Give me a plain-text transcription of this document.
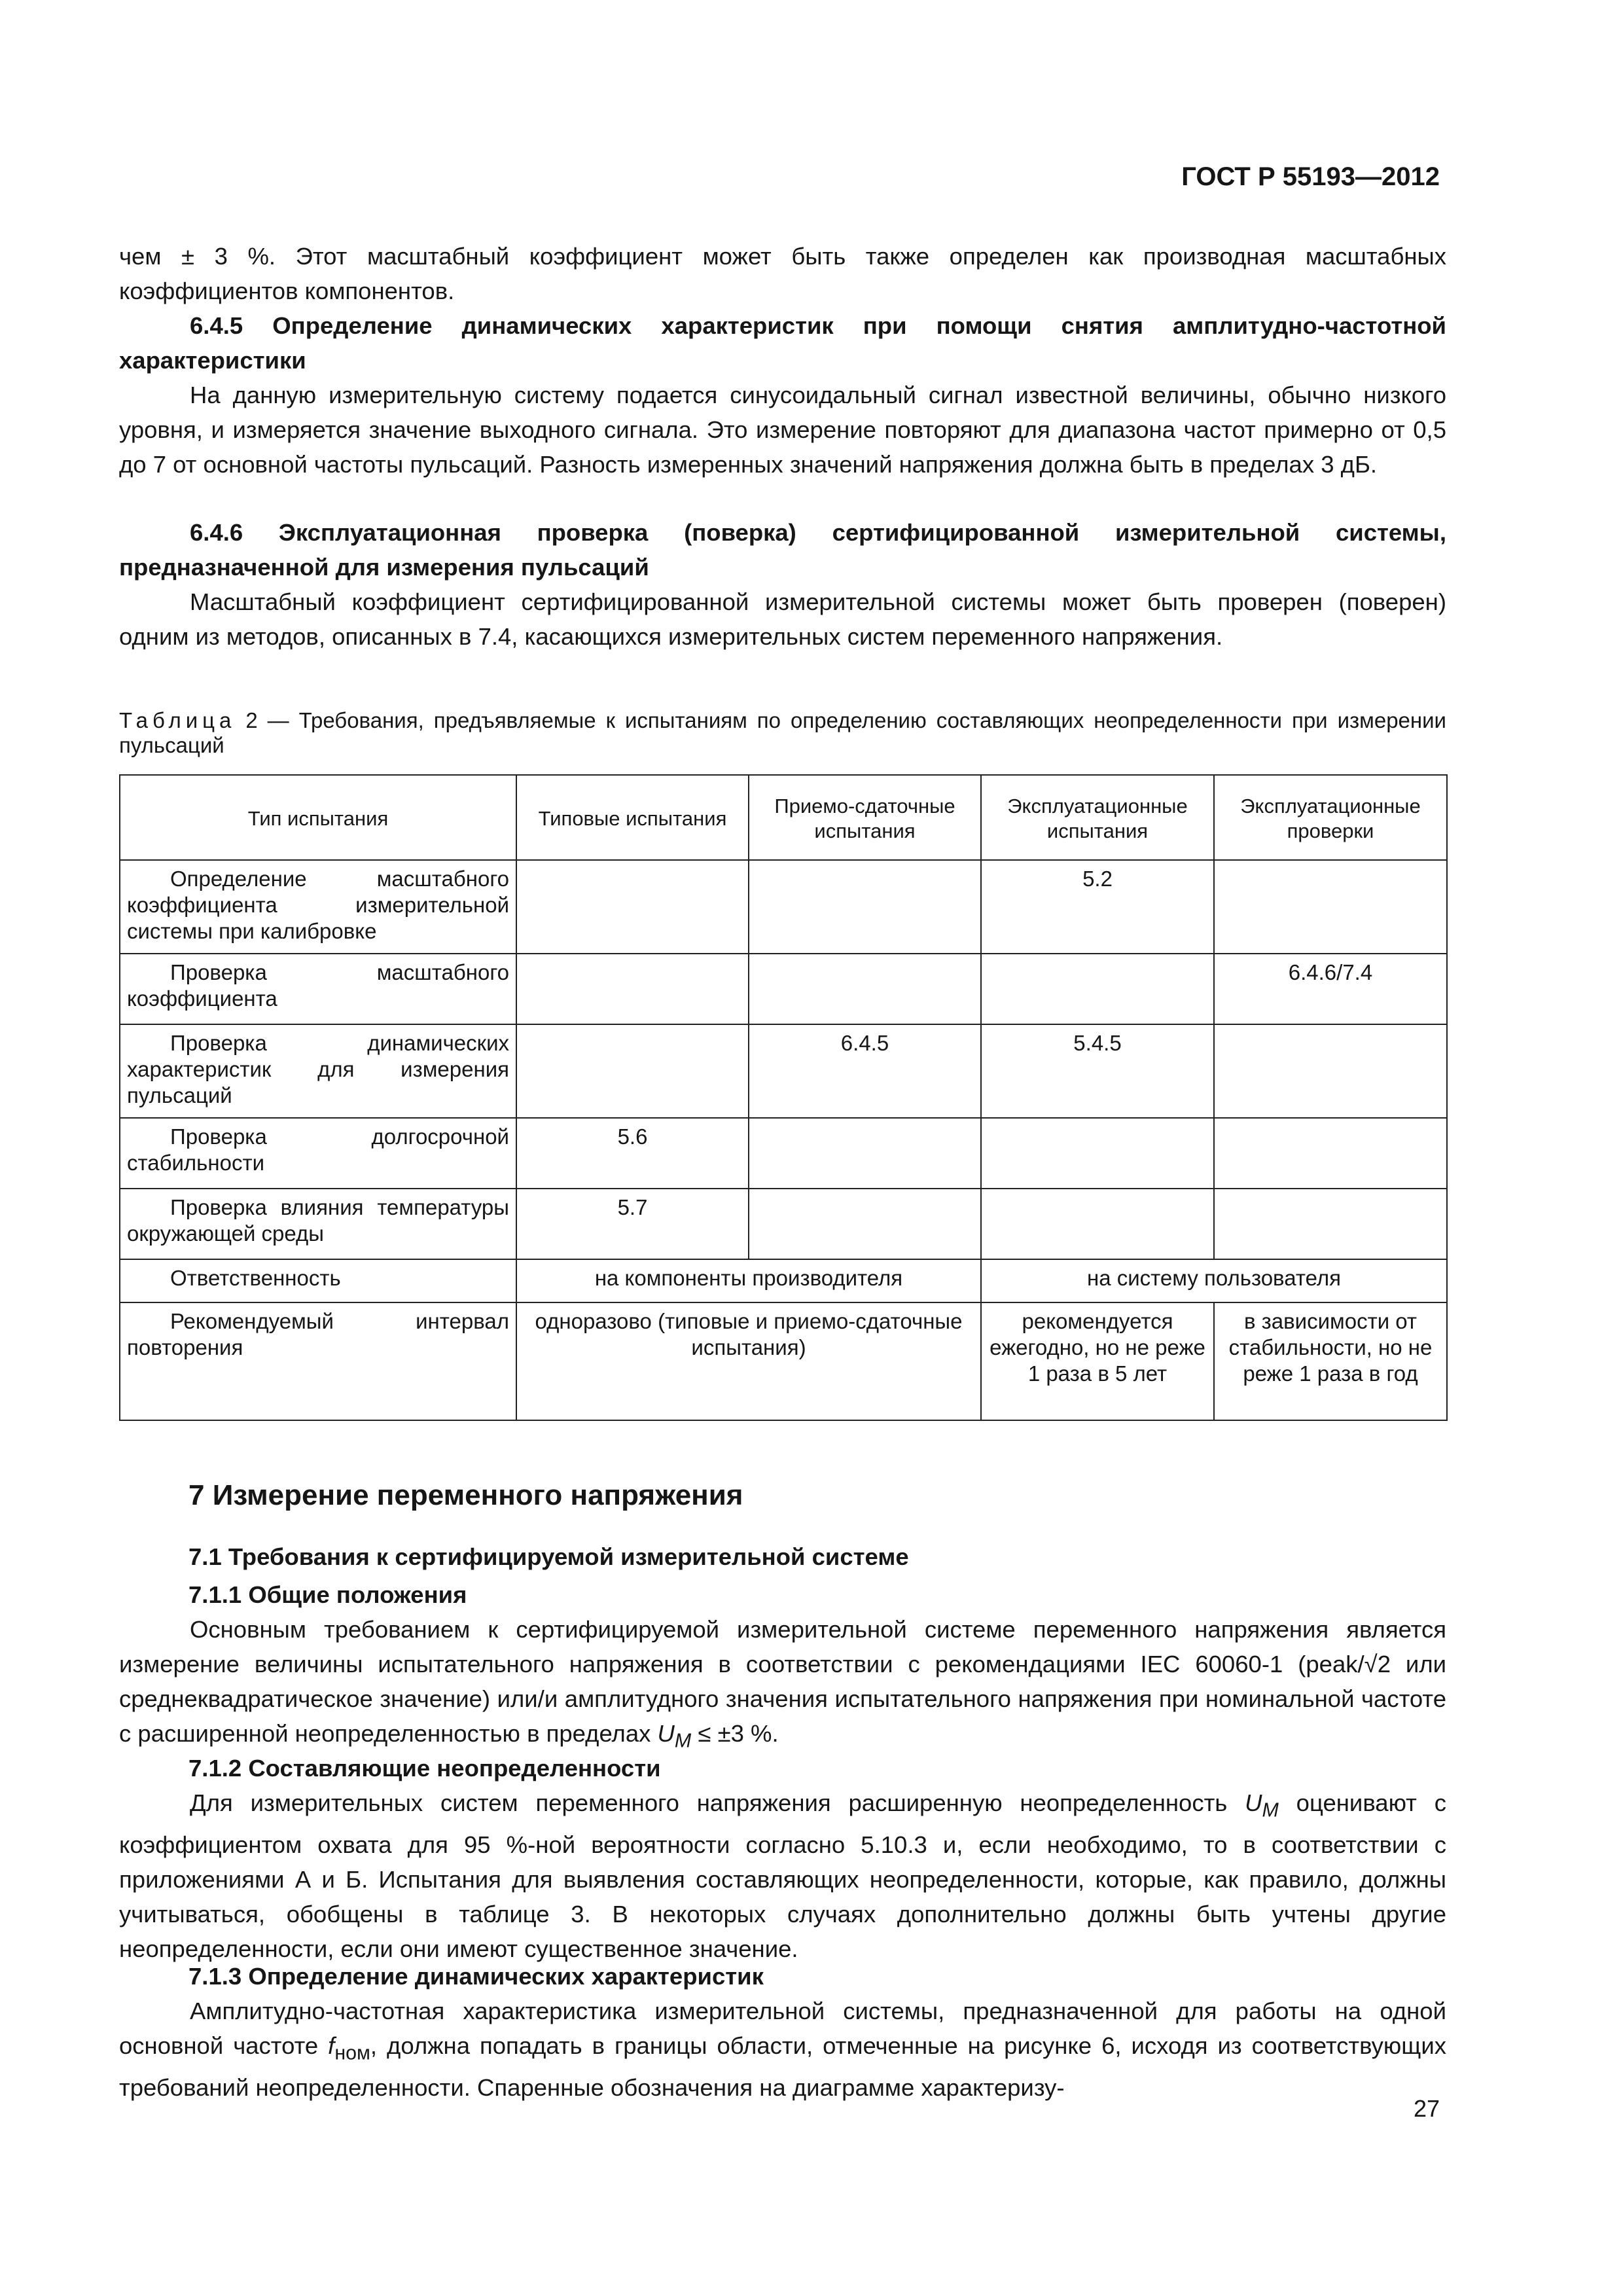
ГОСТ Р 55193—2012

чем ± 3 %. Этот масштабный коэффициент может быть также определен как производная масштабных коэффициентов компонентов.

6.4.5 Определение динамических характеристик при помощи снятия амплитудно-частотной характеристики

На данную измерительную систему подается синусоидальный сигнал известной величины, обычно низкого уровня, и измеряется значение выходного сигнала. Это измерение повторяют для диапазона частот примерно от 0,5 до 7 от основной частоты пульсаций. Разность измеренных значений напряжения должна быть в пределах 3 дБ.

6.4.6 Эксплуатационная проверка (поверка) сертифицированной измерительной системы, предназначенной для измерения пульсаций

Масштабный коэффициент сертифицированной измерительной системы может быть проверен (поверен) одним из методов, описанных в 7.4, касающихся измерительных систем переменного напряжения.

Таблица 2 — Требования, предъявляемые к испытаниям по определению составляющих неопределенности при измерении пульсаций

Тип испытания	Типовые испытания	Приемо-сдаточные испытания	Эксплуатационные испытания	Эксплуатационные проверки
Определение масштабного коэффициента измерительной системы при калибровке			5.2	
Проверка масштабного коэффициента				6.4.6/7.4
Проверка динамических характеристик для измерения пульсаций		6.4.5	5.4.5	
Проверка долгосрочной стабильности	5.6			
Проверка влияния температуры окружающей среды	5.7			
Ответственность	на компоненты производителя		на систему пользователя	
Рекомендуемый интервал повторения	одноразово (типовые и приемо-сдаточные испытания)		рекомендуется ежегодно, но не реже 1 раза в 5 лет	в зависимости от стабильности, но не реже 1 раза в год

7 Измерение переменного напряжения

7.1 Требования к сертифицируемой измерительной системе

7.1.1 Общие положения

Основным требованием к сертифицируемой измерительной системе переменного напряжения является измерение величины испытательного напряжения в соответствии с рекомендациями IEC 60060-1 (peak/√2 или среднеквадратическое значение) или/и амплитудного значения испытательного напряжения при номинальной частоте с расширенной неопределенностью в пределах $U_M \le \pm 3$ %.

7.1.2 Составляющие неопределенности

Для измерительных систем переменного напряжения расширенную неопределенность $U_M$ оценивают с коэффициентом охвата для 95 %-ной вероятности согласно 5.10.3 и, если необходимо, то в соответствии с приложениями А и Б. Испытания для выявления составляющих неопределенности, которые, как правило, должны учитываться, обобщены в таблице 3. В некоторых случаях дополнительно должны быть учтены другие неопределенности, если они имеют существенное значение.

7.1.3 Определение динамических характеристик

Амплитудно-частотная характеристика измерительной системы, предназначенной для работы на одной основной частоте $f_{ном}$, должна попадать в границы области, отмеченные на рисунке 6, исходя из соответствующих требований неопределенности. Спаренные обозначения на диаграмме характеризу-

27
